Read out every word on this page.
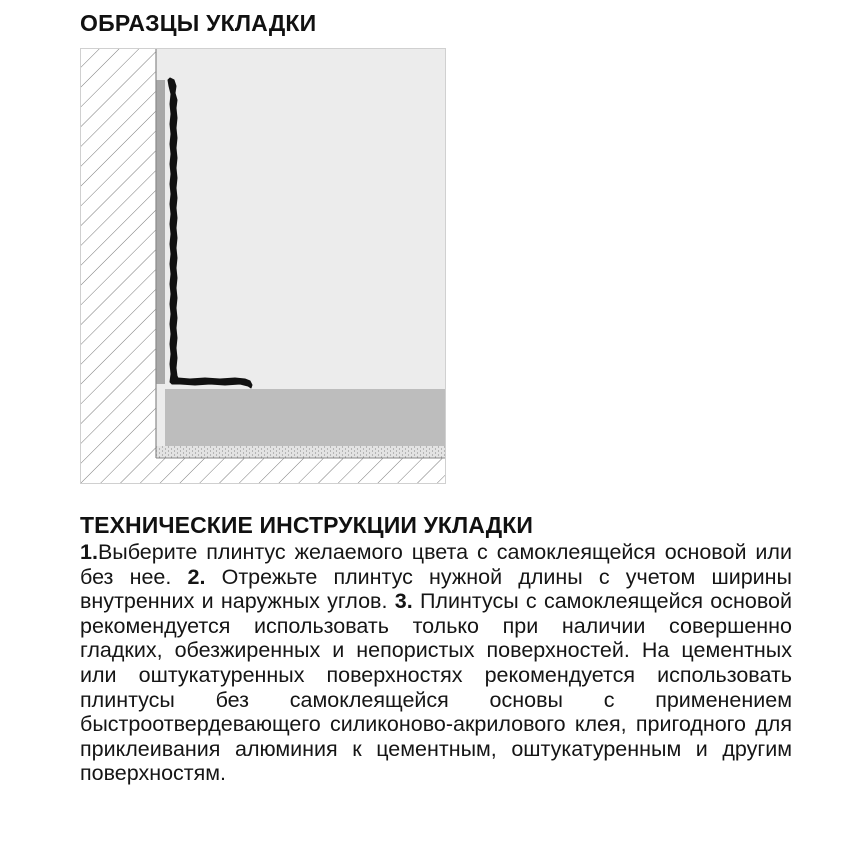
ОБРАЗЦЫ УКЛАДКИ
ТЕХНИЧЕСКИЕ ИНСТРУКЦИИ УКЛАДКИ

1.Выберите плинтус желаемого цвета с самоклеящейся основой или без нее. 2. Отрежьте плинтус нужной длины с учетом ширины внутренних и наружных углов. 3. Плинтусы с самоклеящейся основой рекомендуется использовать только при наличии совершенно гладких, обезжиренных и непористых поверхностей. На цементных или оштукатуренных поверхностях рекомендуется использовать плинтусы без самоклеящейся основы с применением быстроотвердевающего силиконово-акрилового клея, пригодного для приклеивания алюминия к цементным, оштукатуренным и другим поверхностям.
